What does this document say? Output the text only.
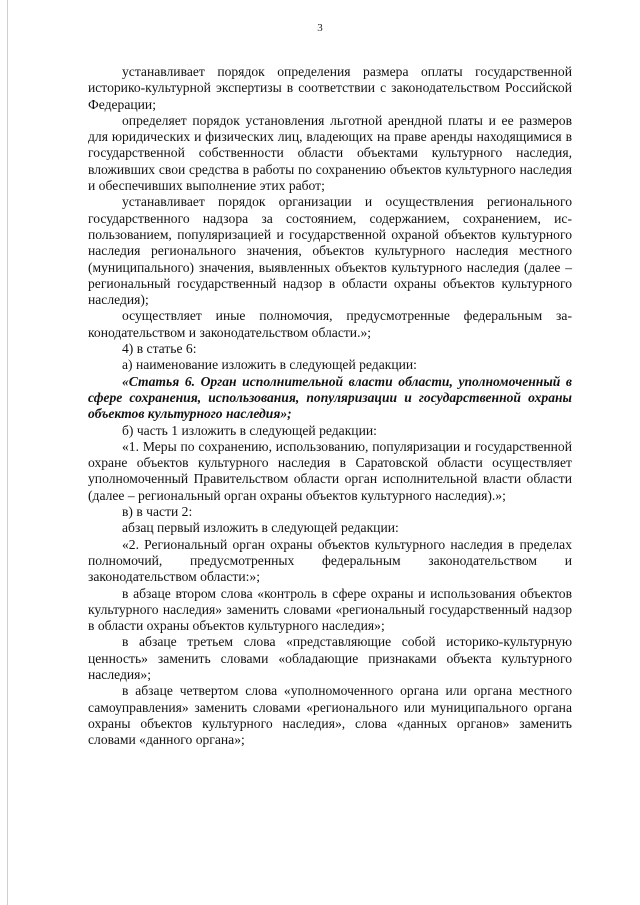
3

устанавливает порядок определения размера оплаты государственной историко-культурной экспертизы в соответствии с законодательством Российской Федерации;

определяет порядок установления льготной арендной платы и ее размеров для юридических и физических лиц, владеющих на праве аренды находящимися в государственной собственности области объектами культурного наследия, вложивших свои средства в работы по сохранению объектов культурного наследия и обеспечивших выполнение этих работ;

устанавливает порядок организации и осуществления регионального государственного надзора за состоянием, содержанием, сохранением, использованием, популяризацией и государственной охраной объектов культурного наследия регионального значения, объектов культурного наследия местного (муниципального) значения, выявленных объектов культурного наследия (далее – региональный государственный надзор в области охраны объектов культурного наследия);

осуществляет иные полномочия, предусмотренные федеральным законодательством и законодательством области.»;

4) в статье 6:

а) наименование изложить в следующей редакции:

«Статья 6. Орган исполнительной власти области, уполномоченный в сфере сохранения, использования, популяризации и государственной охраны объектов культурного наследия»;

б) часть 1 изложить в следующей редакции:

«1. Меры по сохранению, использованию, популяризации и государственной охране объектов культурного наследия в Саратовской области осуществляет уполномоченный Правительством области орган исполнительной власти области (далее – региональный орган охраны объектов культурного наследия).»;

в) в части 2:

абзац первый изложить в следующей редакции:

«2. Региональный орган охраны объектов культурного наследия в пределах полномочий, предусмотренных федеральным законодательством и законодательством области:»;

в абзаце втором слова «контроль в сфере охраны и использования объектов культурного наследия» заменить словами «региональный государственный надзор в области охраны объектов культурного наследия»;

в абзаце третьем слова «представляющие собой историко-культурную ценность» заменить словами «обладающие признаками объекта культурного наследия»;

в абзаце четвертом слова «уполномоченного органа или органа местного самоуправления» заменить словами «регионального или муниципального органа охраны объектов культурного наследия», слова «данных органов» заменить словами «данного органа»;
